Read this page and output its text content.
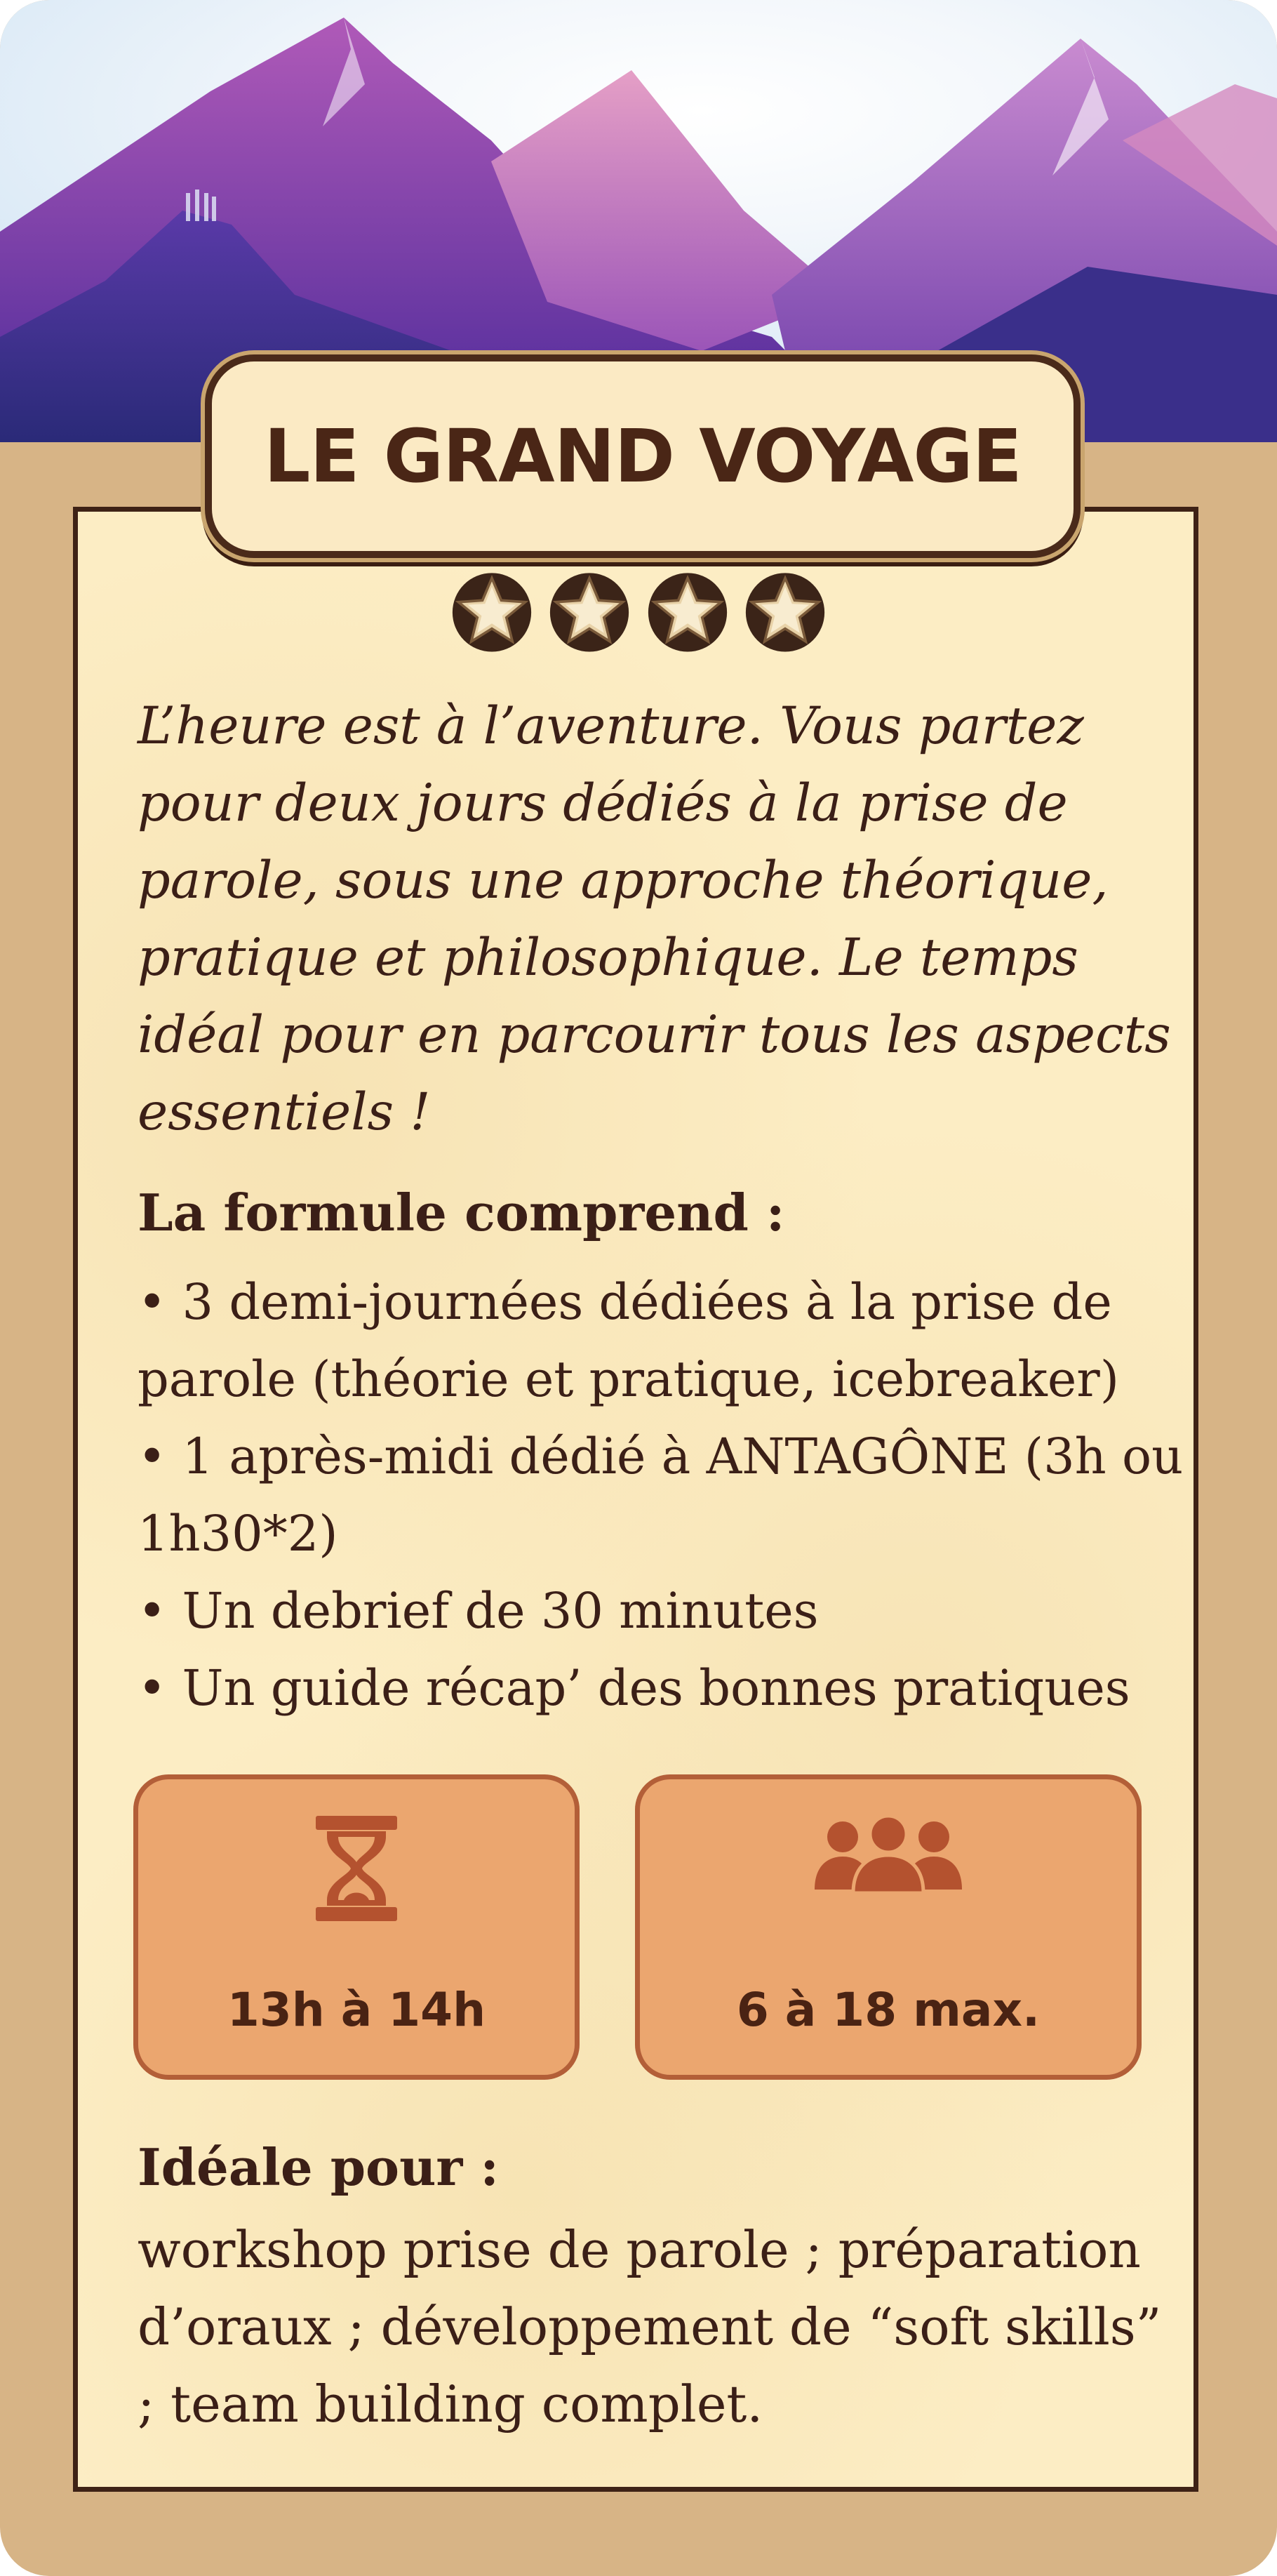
LE GRAND VOYAGE

L’heure est à l’aventure. Vous partez pour deux jours dédiés à la prise de parole, sous une approche théorique, pratique et philosophique. Le temps idéal pour en parcourir tous les aspects essentiels !

La formule comprend :
• 3 demi-journées dédiées à la prise de parole (théorie et pratique, icebreaker)
• 1 après-midi dédié à ANTAGÔNE (3h ou 1h30*2)
• Un debrief de 30 minutes
• Un guide récap’ des bonnes pratiques
13h à 14h	6 à 18 max.
Idéale pour :

workshop prise de parole ; préparation d’oraux ; développement de “soft skills” ; team building complet.
